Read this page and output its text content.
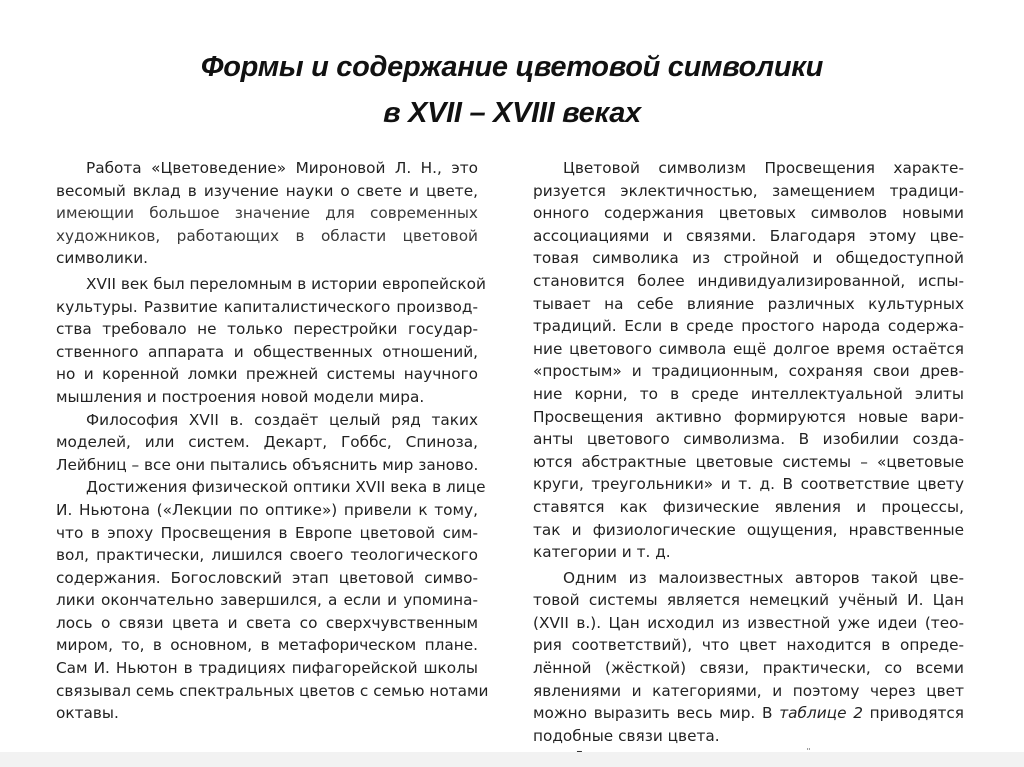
Формы и содержание цветовой символики
в XVII – XVIII веках
Работа «Цветоведение» Мироновой Л. Н., это
весомый вклад в изучение науки о свете и цвете,
имеющии большое значение для современных
художников, работающих в области цветовой
символики.
XVII век был переломным в истории европейской
культуры. Развитие капиталистического производ-
ства требовало не только перестройки государ-
ственного аппарата и общественных отношений,
но и коренной ломки прежней системы научного
мышления и построения новой модели мира.
Философия XVII в. создаёт целый ряд таких
моделей, или систем. Декарт, Гоббс, Спиноза,
Лейбниц – все они пытались объяснить мир заново.
Достижения физической оптики XVII века в лице
И. Ньютона («Лекции по оптике») привели к тому,
что в эпоху Просвещения в Европе цветовой сим-
вол, практически, лишился своего теологического
содержания. Богословский этап цветовой симво-
лики окончательно завершился, а если и упомина-
лось о связи цвета и света со сверхчувственным
миром, то, в основном, в метафорическом плане.
Сам И. Ньютон в традициях пифагорейской школы
связывал семь спектральных цветов с семью нотами
октавы.
Цветовой символизм Просвещения характе-
ризуется эклектичностью, замещением традици-
онного содержания цветовых символов новыми
ассоциациями и связями. Благодаря этому цве-
товая символика из стройной и общедоступной
становится более индивидуализированной, испы-
тывает на себе влияние различных культурных
традиций. Если в среде простого народа содержа-
ние цветового символа ещё долгое время остаётся
«простым» и традиционным, сохраняя свои древ-
ние корни, то в среде интеллектуальной элиты
Просвещения активно формируются новые вари-
анты цветового символизма. В изобилии созда-
ются абстрактные цветовые системы – «цветовые
круги, треугольники» и т. д. В соответствие цвету
ставятся как физические явления и процессы,
так и физиологические ощущения, нравственные
категории и т. д.
Одним из малоизвестных авторов такой цве-
товой системы является немецкий учёный И. Цан
(XVII в.). Цан исходил из известной уже идеи (тео-
рия соответствий), что цвет находится в опреде-
лённой (жёсткой) связи, практически, со всеми
явлениями и категориями, и поэтому через цвет
можно выразить весь мир. В таблице 2 приводятся
подобные связи цвета.
